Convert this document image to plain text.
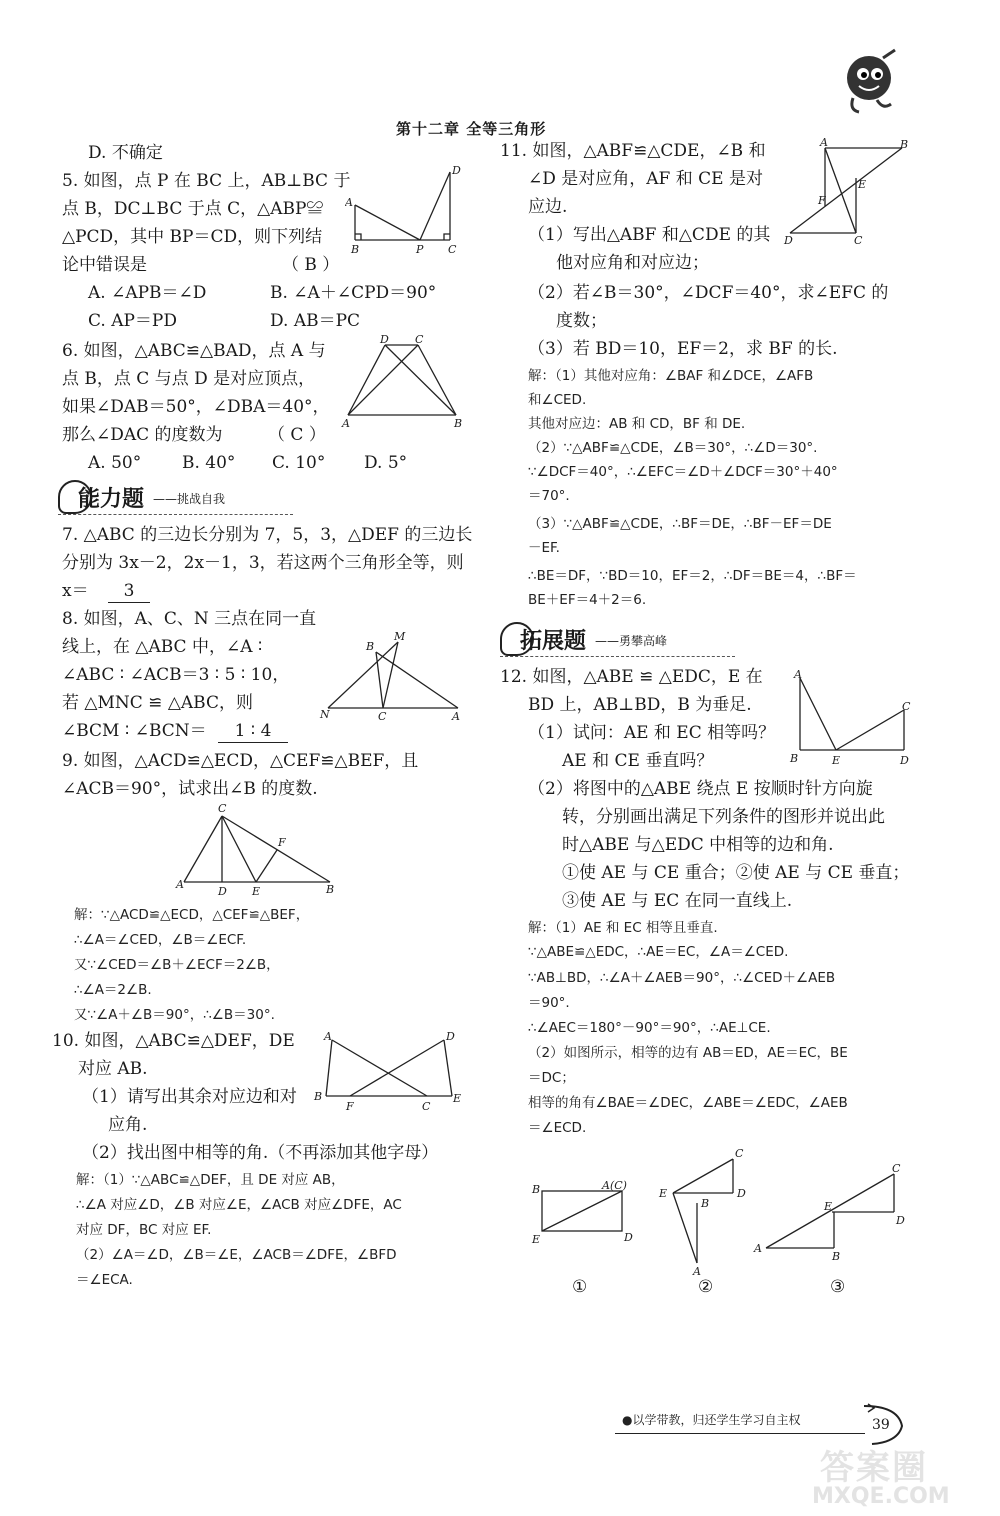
第十二章 全等三角形
D. 不确定
5. 如图，点 P 在 BC 上，AB⊥BC 于
点 B，DC⊥BC 于点 C，△ABP≌
△PCD，其中 BP＝CD，则下列结
论中错误是	（ B ）
A. ∠APB＝∠D	B. ∠A＋∠CPD＝90°
C. AP＝PD	D. AB＝PC
A
B	P C
D
6. 如图，△ABC≌△BAD，点 A 与
点 B，点 C 与点 D 是对应顶点，
如果∠DAB＝50°，∠DBA＝40°，
那么∠DAC 的度数为	（ C ）
A. 50° B. 40° C. 10° D. 5°
A	B
C
D
能力题 ——挑战自我
7. △ABC 的三边长分别为 7，5，3，△DEF 的三边长
分别为 3x－2，2x－1，3，若这两个三角形全等，则
x＝	3
8. 如图，A、C、N 三点在同一直
线上，在 △ABC 中，∠A ∶
∠ABC ∶ ∠ACB＝3 ∶ 5 ∶ 10，
若 △MNC ≌ △ABC，则
∠BCM ∶ ∠BCN＝	1 ∶ 4
M
B
N	C	A
9. 如图，△ACD≌△ECD，△CEF≌△BEF，且
∠ACB＝90°，试求出∠B 的度数.
C
F
A
D E	B
解：∵△ACD≌△ECD，△CEF≌△BEF，
∴∠A＝∠CED，∠B＝∠ECF.
又∵∠CED＝∠B＋∠ECF＝2∠B，
∴∠A＝2∠B.
又∵∠A＋∠B＝90°，∴∠B＝30°.
10. 如图，△ABC≌△DEF，DE
对应 AB.
（1）请写出其余对应边和对
应角.
（2）找出图中相等的角.（不再添加其他字母）
A	D
B
F	C
E
解：（1）∵△ABC≌△DEF，且 DE 对应 AB，
∴∠A 对应∠D，∠B 对应∠E，∠ACB 对应∠DFE，AC
对应 DF，BC 对应 EF.
（2）∠A＝∠D，∠B＝∠E，∠ACB＝∠DFE，∠BFD
＝∠ECA.
11. 如图，△ABF≌△CDE，∠B 和
∠D 是对应角，AF 和 CE 是对
应边.
（1）写出△ABF 和△CDE 的其
他对应角和对应边；
（2）若∠B＝30°，∠DCF＝40°，求∠EFC 的
度数；
（3）若 BD＝10，EF＝2，求 BF 的长.
A	B
E
F
D	C
解：（1）其他对应角：∠BAF 和∠DCE，∠AFB
和∠CED.
其他对应边：AB 和 CD，BF 和 DE.
（2）∵△ABF≌△CDE，∠B＝30°，∴∠D＝30°.
∵∠DCF＝40°，∴∠EFC＝∠D＋∠DCF＝30°＋40°
＝70°.
（3）∵△ABF≌△CDE，∴BF＝DE，∴BF－EF＝DE
－EF.
∴BE＝DF，∵BD＝10，EF＝2，∴DF＝BE＝4，∴BF＝
BE＋EF＝4＋2＝6.
拓展题 ——勇攀高峰
12. 如图，△ABE ≌ △EDC，E 在
BD 上，AB⊥BD，B 为垂足.
（1）试问：AE 和 EC 相等吗？
AE 和 CE 垂直吗？
（2）将图中的△ABE 绕点 E 按顺时针方向旋
转，分别画出满足下列条件的图形并说出此
时△ABE 与△EDC 中相等的边和角.
①使 AE 与 CE 重合；②使 AE 与 CE 垂直；
③使 AE 与 EC 在同一直线上.
A
C
B	E	D
解：（1）AE 和 EC 相等且垂直.
∵△ABE≌△EDC，∴AE＝EC，∠A＝∠CED.
∵AB⊥BD，∴∠A＋∠AEB＝90°，∴∠CED＋∠AEB
＝90°.
∴∠AEC＝180°－90°＝90°，∴AE⊥CE.
（2）如图所示，相等的边有 AB＝ED，AE＝EC，BE
＝DC；
相等的角有∠BAE＝∠DEC，∠ABE＝∠EDC，∠AEB
＝∠ECD.
B	A(C)
E	D
C
E	D
B
A
C
E
D
A
B
①	②	③
●以学带教，归还学生学习自主权	39
答案圈
MXQE.COM
